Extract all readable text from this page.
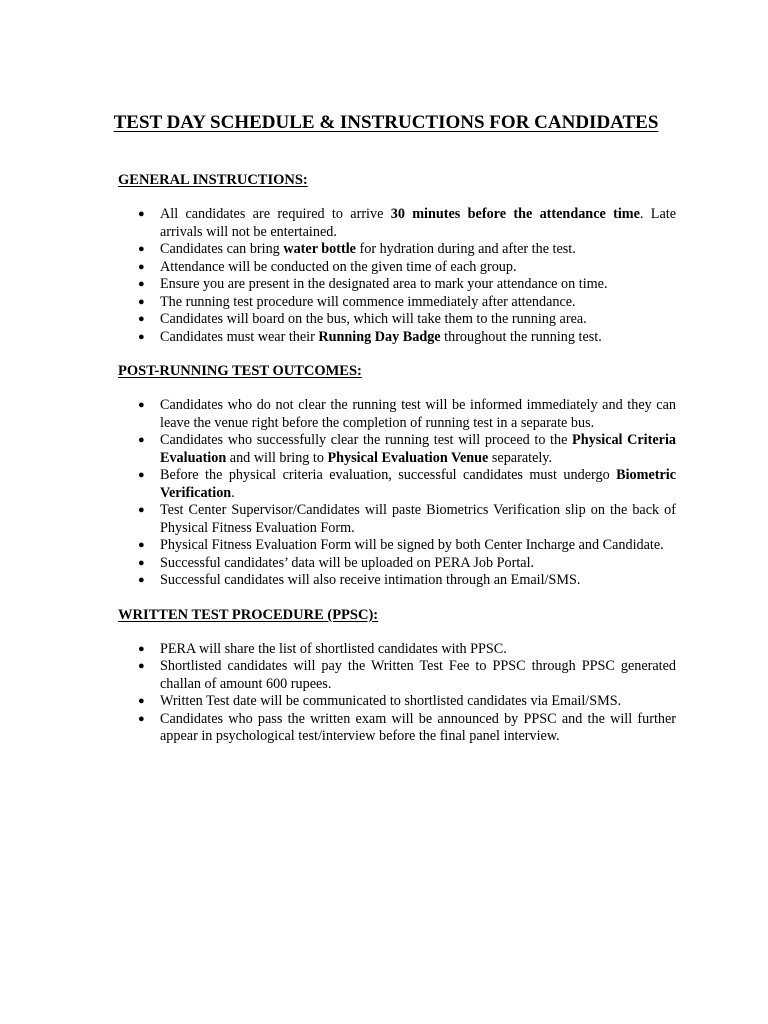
TEST DAY SCHEDULE & INSTRUCTIONS FOR CANDIDATES
GENERAL INSTRUCTIONS:
● All candidates are required to arrive 30 minutes before the attendance time. Late arrivals will not be entertained.
● Candidates can bring water bottle for hydration during and after the test.
● Attendance will be conducted on the given time of each group.
● Ensure you are present in the designated area to mark your attendance on time.
● The running test procedure will commence immediately after attendance.
● Candidates will board on the bus, which will take them to the running area.
● Candidates must wear their Running Day Badge throughout the running test.
POST-RUNNING TEST OUTCOMES:
● Candidates who do not clear the running test will be informed immediately and they can leave the venue right before the completion of running test in a separate bus.
● Candidates who successfully clear the running test will proceed to the Physical Criteria Evaluation and will bring to Physical Evaluation Venue separately.
● Before the physical criteria evaluation, successful candidates must undergo Biometric Verification.
● Test Center Supervisor/Candidates will paste Biometrics Verification slip on the back of Physical Fitness Evaluation Form.
● Physical Fitness Evaluation Form will be signed by both Center Incharge and Candidate.
● Successful candidates’ data will be uploaded on PERA Job Portal.
● Successful candidates will also receive intimation through an Email/SMS.
WRITTEN TEST PROCEDURE (PPSC):
● PERA will share the list of shortlisted candidates with PPSC.
● Shortlisted candidates will pay the Written Test Fee to PPSC through PPSC generated challan of amount 600 rupees.
● Written Test date will be communicated to shortlisted candidates via Email/SMS.
● Candidates who pass the written exam will be announced by PPSC and the will further appear in psychological test/interview before the final panel interview.
